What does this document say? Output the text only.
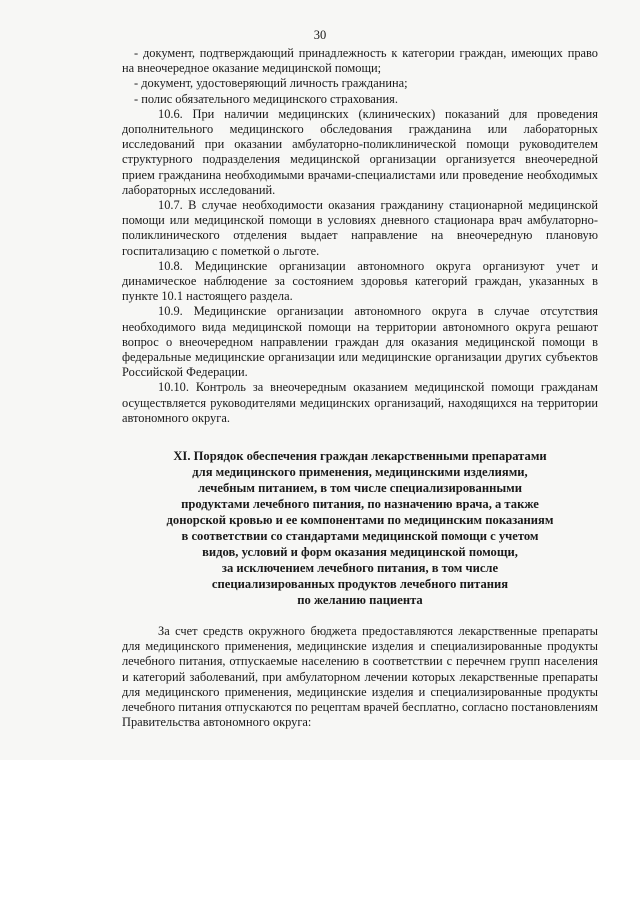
30

- документ, подтверждающий принадлежность к категории граждан, имеющих право на внеочередное оказание медицинской помощи;

- документ, удостоверяющий личность гражданина;

- полис обязательного медицинского страхования.

10.6. При наличии медицинских (клинических) показаний для проведения дополнительного медицинского обследования гражданина или лабораторных исследований при оказании амбулаторно-поликлинической помощи руководителем структурного подразделения медицинской организации организуется внеочередной прием гражданина необходимыми врачами-специалистами или проведение необходимых лабораторных исследований.

10.7. В случае необходимости оказания гражданину стационарной медицинской помощи или медицинской помощи в условиях дневного стационара врач амбулаторно-поликлинического отделения выдает направление на внеочередную плановую госпитализацию с пометкой о льготе.

10.8. Медицинские организации автономного округа организуют учет и динамическое наблюдение за состоянием здоровья категорий граждан, указанных в пункте 10.1 настоящего раздела.

10.9. Медицинские организации автономного округа в случае отсутствия необходимого вида медицинской помощи на территории автономного округа решают вопрос о внеочередном направлении граждан для оказания медицинской помощи в федеральные медицинские организации или медицинские организации других субъектов Российской Федерации.

10.10. Контроль за внеочередным оказанием медицинской помощи гражданам осуществляется руководителями медицинских организаций, находящихся на территории автономного округа.

XI. Порядок обеспечения граждан лекарственными препаратами
для медицинского применения, медицинскими изделиями,
лечебным питанием, в том числе специализированными
продуктами лечебного питания, по назначению врача, а также
донорской кровью и ее компонентами по медицинским показаниям
в соответствии со стандартами медицинской помощи с учетом
видов, условий и форм оказания медицинской помощи,
за исключением лечебного питания, в том числе
специализированных продуктов лечебного питания
по желанию пациента

За счет средств окружного бюджета предоставляются лекарственные препараты для медицинского применения, медицинские изделия и специализированные продукты лечебного питания, отпускаемые населению в соответствии с перечнем групп населения и категорий заболеваний, при амбулаторном лечении которых лекарственные препараты для медицинского применения, медицинские изделия и специализированные продукты лечебного питания отпускаются по рецептам врачей бесплатно, согласно постановлениям Правительства автономного округа:
